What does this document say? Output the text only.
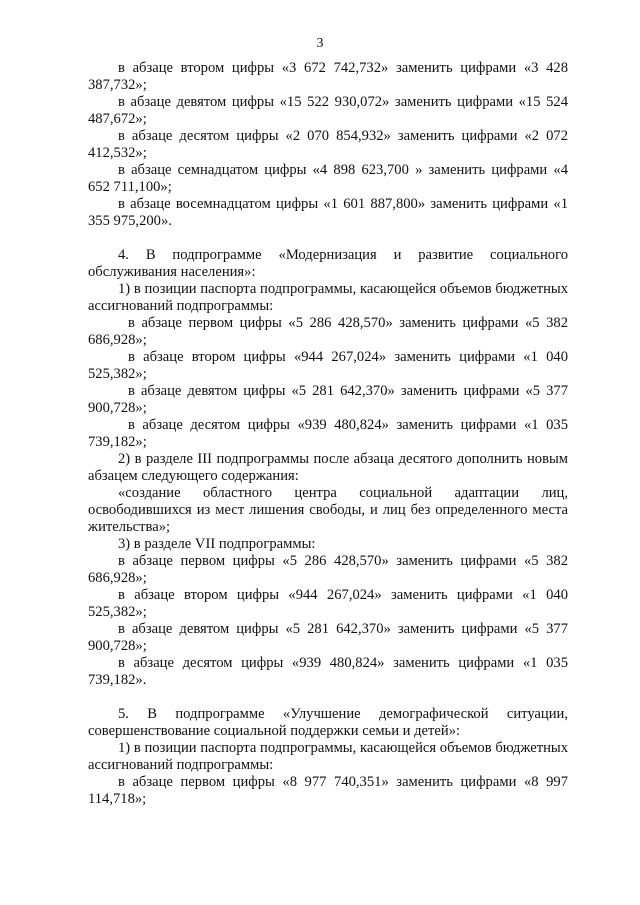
3

в абзаце втором цифры «3 672 742,732» заменить цифрами «3 428 387,732»;

в абзаце девятом цифры «15 522 930,072» заменить цифрами «15 524 487,672»;

в абзаце десятом цифры «2 070 854,932» заменить цифрами «2 072 412,532»;

в абзаце семнадцатом цифры «4 898 623,700 » заменить цифрами «4 652 711,100»;

в абзаце восемнадцатом цифры «1 601 887,800» заменить цифрами «1 355 975,200».

4. В подпрограмме «Модернизация и развитие социального обслуживания населения»:

1) в позиции паспорта подпрограммы, касающейся объемов бюджетных ассигнований подпрограммы:

в абзаце первом цифры «5 286 428,570» заменить цифрами «5 382 686,928»;

в абзаце втором цифры «944 267,024» заменить цифрами «1 040 525,382»;

в абзаце девятом цифры «5 281 642,370» заменить цифрами «5 377 900,728»;

в абзаце десятом цифры «939 480,824» заменить цифрами «1 035 739,182»;

2) в разделе III подпрограммы после абзаца десятого дополнить новым абзацем следующего содержания:

«создание областного центра социальной адаптации лиц, освободившихся из мест лишения свободы, и лиц без определенного места жительства»;

3) в разделе VII подпрограммы:

в абзаце первом цифры «5 286 428,570» заменить цифрами «5 382 686,928»;

в абзаце втором цифры «944 267,024» заменить цифрами «1 040 525,382»;

в абзаце девятом цифры «5 281 642,370» заменить цифрами «5 377 900,728»;

в абзаце десятом цифры «939 480,824» заменить цифрами «1 035 739,182».

5. В подпрограмме «Улучшение демографической ситуации, совершенствование социальной поддержки семьи и детей»:

1) в позиции паспорта подпрограммы, касающейся объемов бюджетных ассигнований подпрограммы:

в абзаце первом цифры «8 977 740,351» заменить цифрами «8 997 114,718»;
